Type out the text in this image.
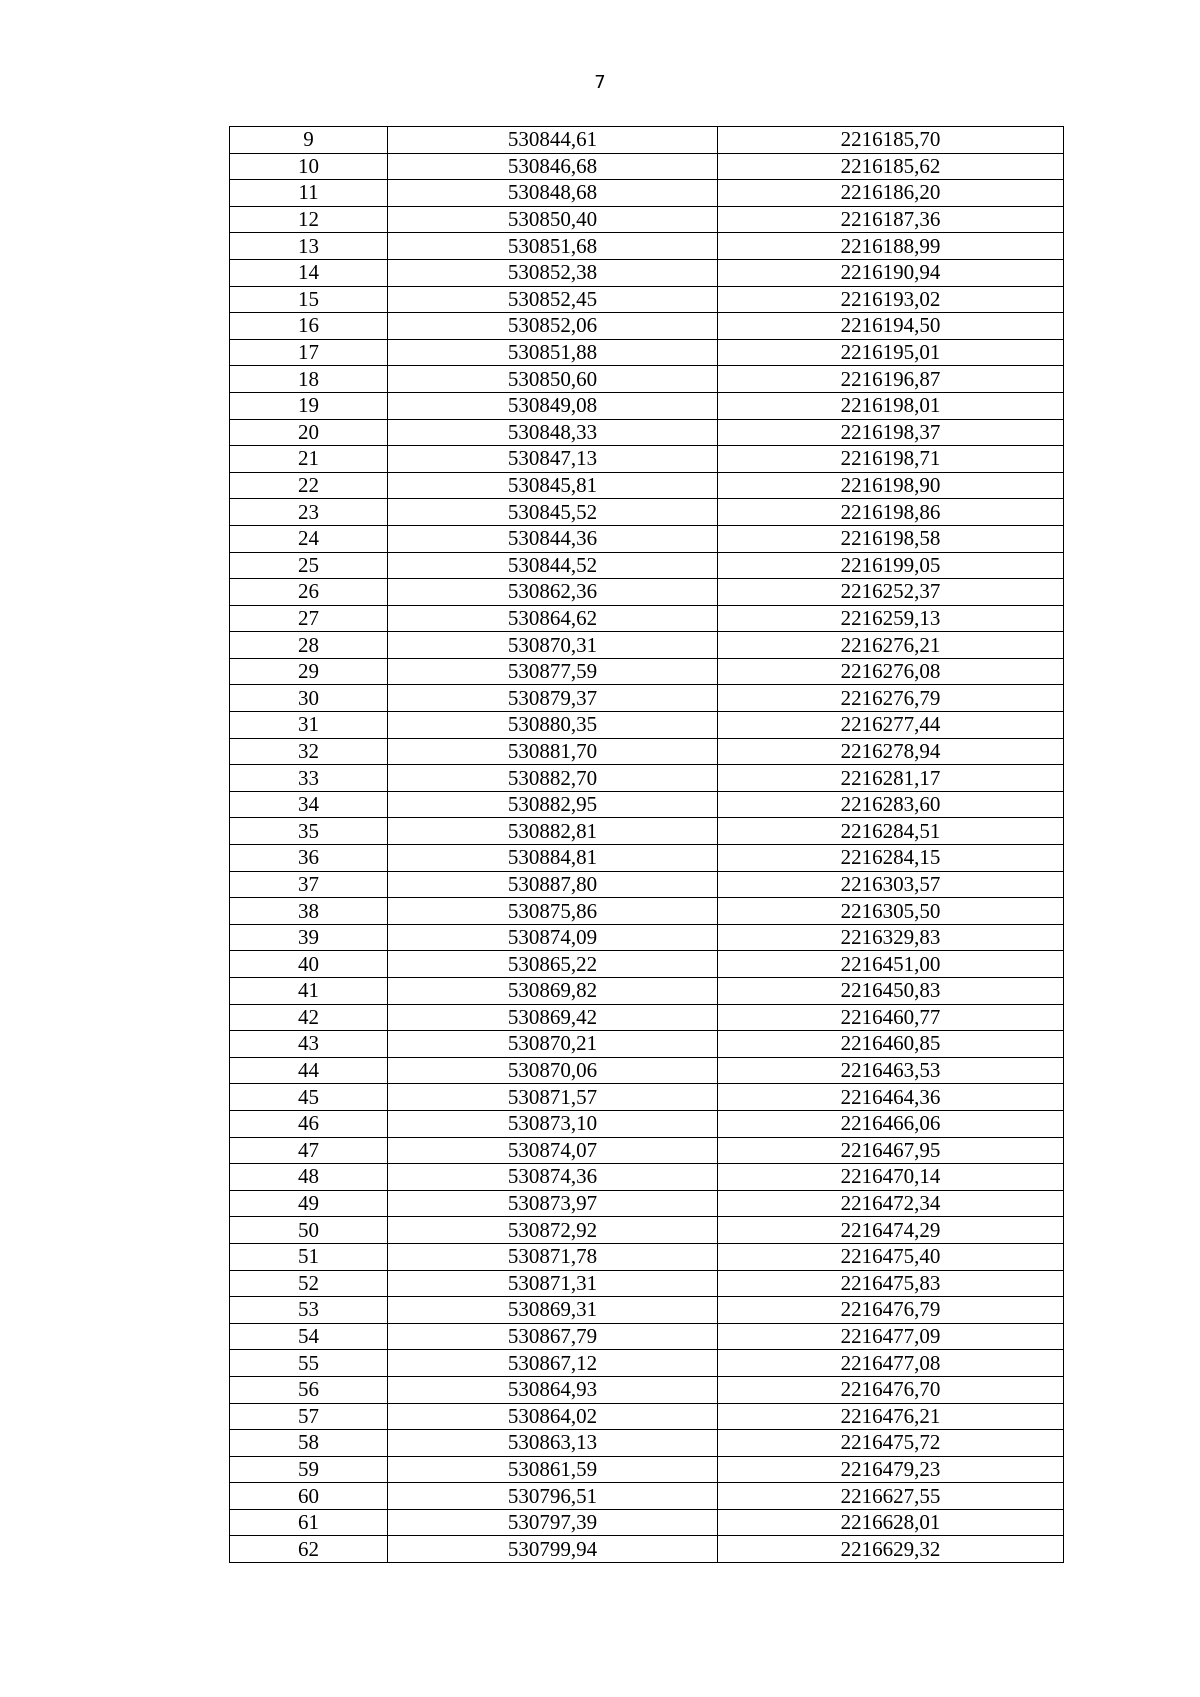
7
9	530844,61	2216185,70
10	530846,68	2216185,62
11	530848,68	2216186,20
12	530850,40	2216187,36
13	530851,68	2216188,99
14	530852,38	2216190,94
15	530852,45	2216193,02
16	530852,06	2216194,50
17	530851,88	2216195,01
18	530850,60	2216196,87
19	530849,08	2216198,01
20	530848,33	2216198,37
21	530847,13	2216198,71
22	530845,81	2216198,90
23	530845,52	2216198,86
24	530844,36	2216198,58
25	530844,52	2216199,05
26	530862,36	2216252,37
27	530864,62	2216259,13
28	530870,31	2216276,21
29	530877,59	2216276,08
30	530879,37	2216276,79
31	530880,35	2216277,44
32	530881,70	2216278,94
33	530882,70	2216281,17
34	530882,95	2216283,60
35	530882,81	2216284,51
36	530884,81	2216284,15
37	530887,80	2216303,57
38	530875,86	2216305,50
39	530874,09	2216329,83
40	530865,22	2216451,00
41	530869,82	2216450,83
42	530869,42	2216460,77
43	530870,21	2216460,85
44	530870,06	2216463,53
45	530871,57	2216464,36
46	530873,10	2216466,06
47	530874,07	2216467,95
48	530874,36	2216470,14
49	530873,97	2216472,34
50	530872,92	2216474,29
51	530871,78	2216475,40
52	530871,31	2216475,83
53	530869,31	2216476,79
54	530867,79	2216477,09
55	530867,12	2216477,08
56	530864,93	2216476,70
57	530864,02	2216476,21
58	530863,13	2216475,72
59	530861,59	2216479,23
60	530796,51	2216627,55
61	530797,39	2216628,01
62	530799,94	2216629,32
